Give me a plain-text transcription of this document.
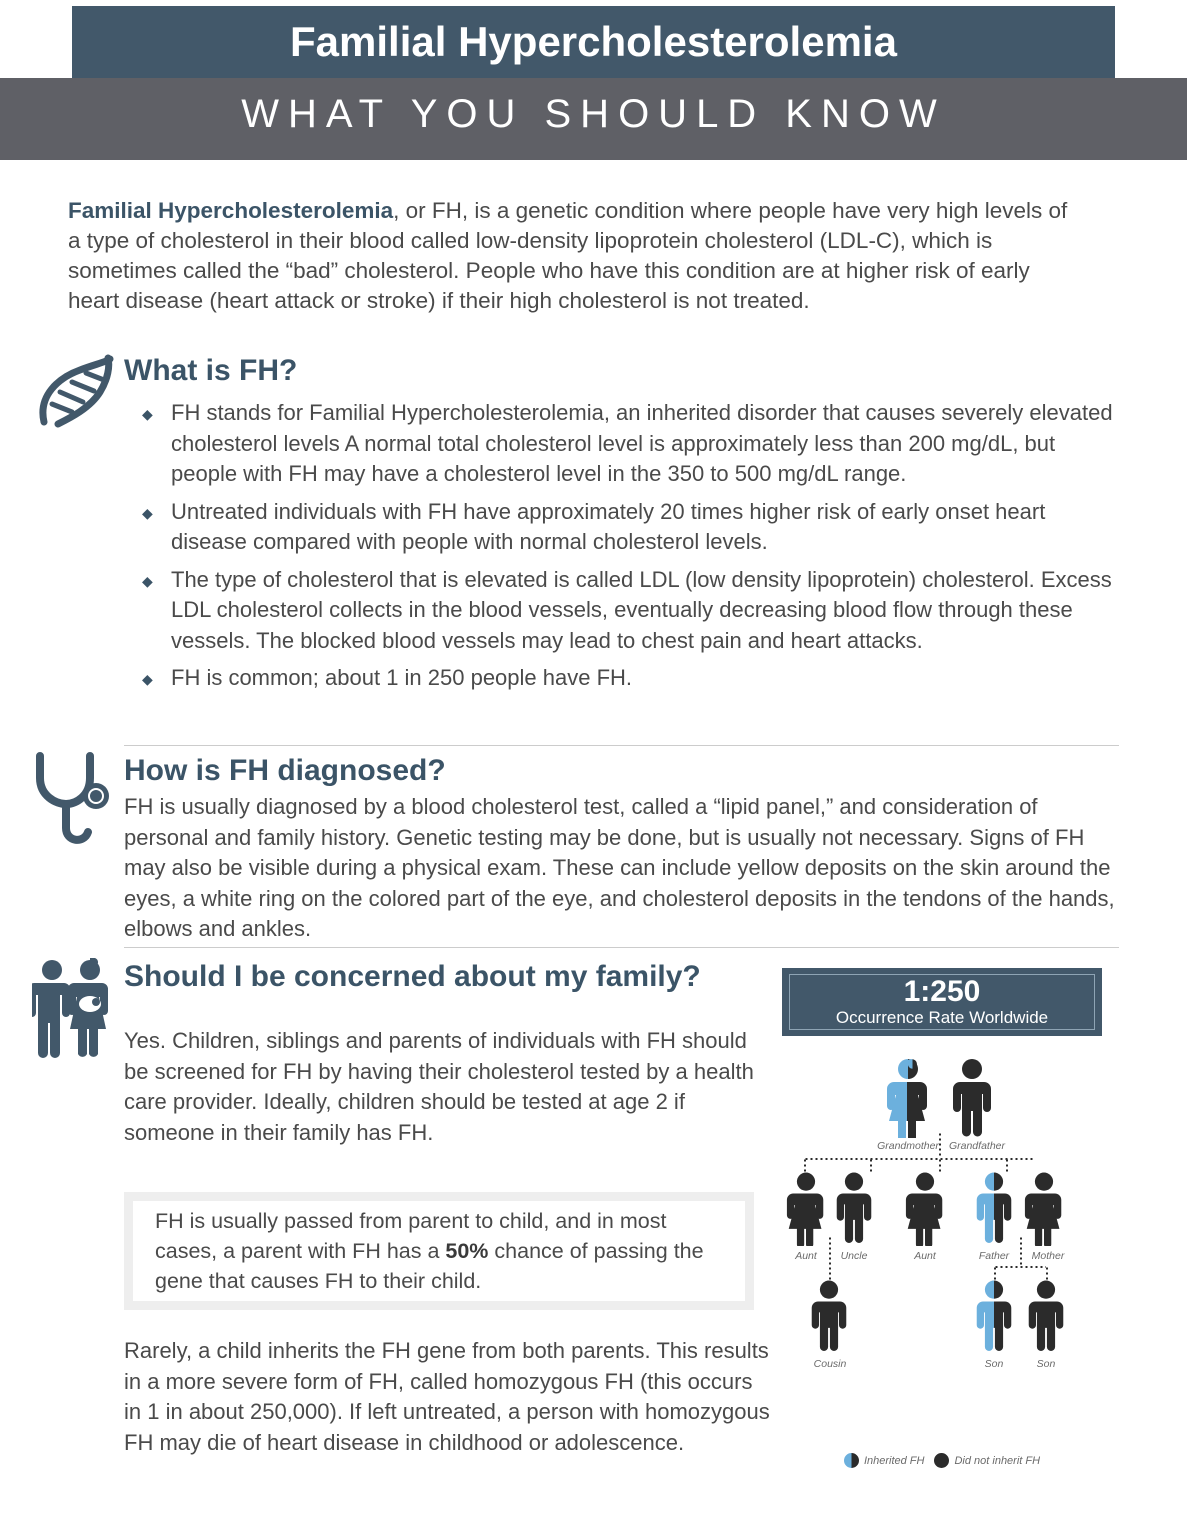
WHAT YOU SHOULD KNOW
Familial Hypercholesterolemia

Familial Hypercholesterolemia, or FH, is a genetic condition where people have very high levels of a type of cholesterol in their blood called low-density lipoprotein cholesterol (LDL-C), which is sometimes called the “bad” cholesterol. People who have this condition are at higher risk of early heart disease (heart attack or stroke) if their high cholesterol is not treated.

What is FH?
◆ FH stands for Familial Hypercholesterolemia, an inherited disorder that causes severely elevated cholesterol levels A normal total cholesterol level is approximately less than 200 mg/dL, but people with FH may have a cholesterol level in the 350 to 500 mg/dL range.
◆ Untreated individuals with FH have approximately 20 times higher risk of early onset heart disease compared with people with normal cholesterol levels.
◆ The type of cholesterol that is elevated is called LDL (low density lipoprotein) cholesterol. Excess LDL cholesterol collects in the blood vessels, eventually decreasing blood flow through these vessels. The blocked blood vessels may lead to chest pain and heart attacks.
◆ FH is common; about 1 in 250 people have FH.
How is FH diagnosed?

FH is usually diagnosed by a blood cholesterol test, called a “lipid panel,” and consideration of personal and family history. Genetic testing may be done, but is usually not necessary. Signs of FH may also be visible during a physical exam. These can include yellow deposits on the skin around the eyes, a white ring on the colored part of the eye, and cholesterol deposits in the tendons of the hands, elbows and ankles.

Should I be concerned about my family?

Yes. Children, siblings and parents of individuals with FH should be screened for FH by having their cholesterol tested by a health care provider. Ideally, children should be tested at age 2 if someone in their family has FH.

FH is usually passed from parent to child, and in most cases, a parent with FH has a 50% chance of passing the gene that causes FH to their child.

Rarely, a child inherits the FH gene from both parents. This results in a more severe form of FH, called homozygous FH (this occurs in 1 in about 250,000). If left untreated, a person with homozygous FH may die of heart disease in childhood or adolescence.

1:250
Occurrence Rate Worldwide
Grandmother Grandfather
Aunt	Uncle	Aunt	Father	Mother
Cousin	Son	Son
Inherited FH	Did not inherit FH
